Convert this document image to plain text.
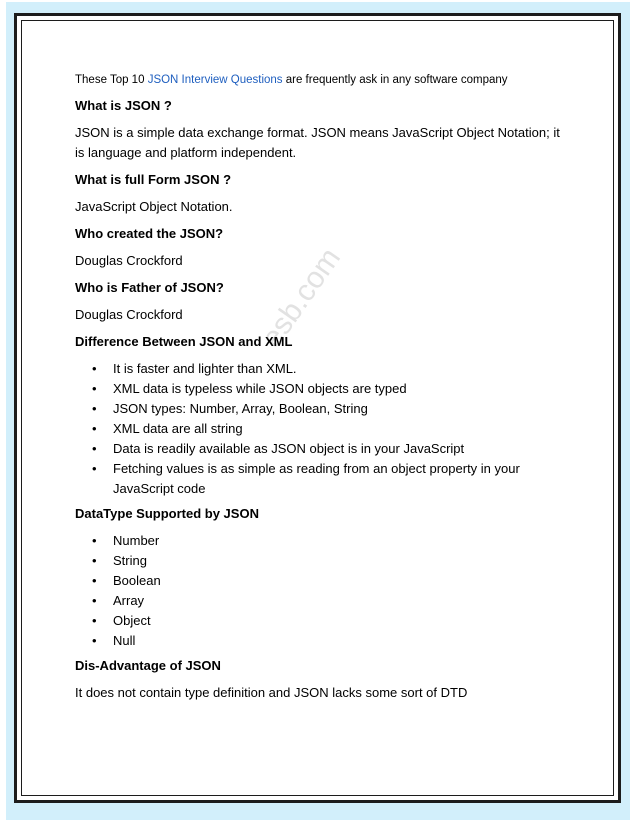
esb.com

These Top 10 JSON Interview Questions are frequently ask in any software company

What is JSON ?

JSON is a simple data exchange format. JSON means JavaScript Object Notation; it is language and platform independent.

What is full Form JSON ?

JavaScript Object Notation.

Who created the JSON?

Douglas Crockford

Who is Father of JSON?

Douglas Crockford

Difference Between JSON and XML
• It is faster and lighter than XML.
• XML data is typeless while JSON objects are typed
• JSON types: Number, Array, Boolean, String
• XML data are all string
• Data is readily available as JSON object is in your JavaScript
• Fetching values is as simple as reading from an object property in your JavaScript code
DataType Supported by JSON
• Number
• String
• Boolean
• Array
• Object
• Null
Dis-Advantage of JSON

It does not contain type definition and JSON lacks some sort of DTD
